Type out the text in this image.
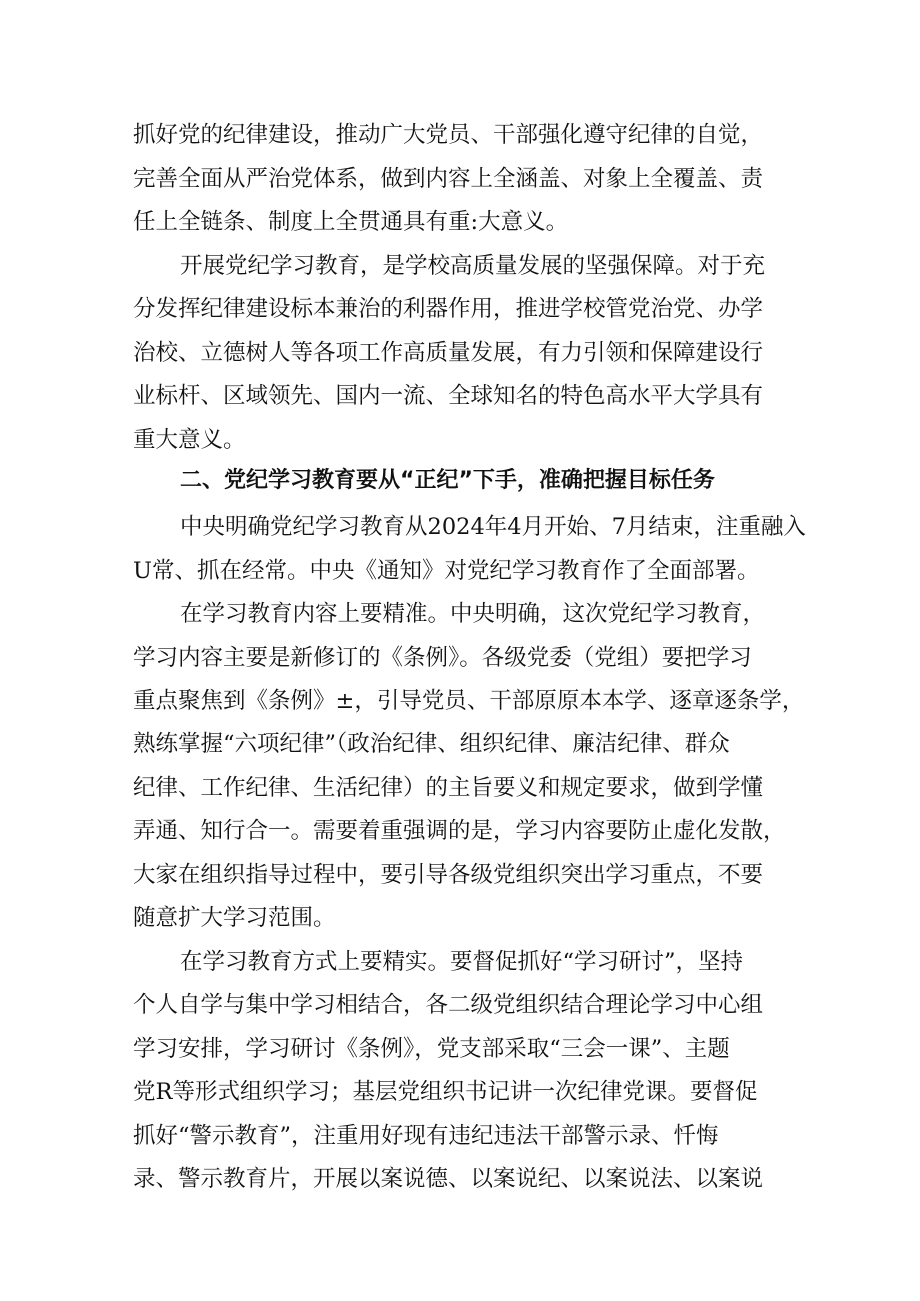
抓好党的纪律建设，推动广大党员、干部强化遵守纪律的自觉，
完善全面从严治党体系，做到内容上全涵盖、对象上全覆盖、责
任上全链条、制度上全贯通具有重:大意义。
开展党纪学习教育，是学校高质量发展的坚强保障。对于充
分发挥纪律建设标本兼治的利器作用，推进学校管党治党、办学
治校、立德树人等各项工作高质量发展，有力引领和保障建设行
业标杆、区域领先、国内一流、全球知名的特色高水平大学具有
重大意义。
二、党纪学习教育要从“正纪”下手，准确把握目标任务
中央明确党纪学习教育从2024年4月开始、7月结束，注重融入
U常、抓在经常。中央《通知》对党纪学习教育作了全面部署。
在学习教育内容上要精准。中央明确，这次党纪学习教育，
学习内容主要是新修订的《条例》。各级党委（党组）要把学习
重点聚焦到《条例》±，引导党员、干部原原本本学、逐章逐条学，
熟练掌握“六项纪律”（政治纪律、组织纪律、廉洁纪律、群众
纪律、工作纪律、生活纪律）的主旨要义和规定要求，做到学懂
弄通、知行合一。需要着重强调的是，学习内容要防止虚化发散，
大家在组织指导过程中，要引导各级党组织突出学习重点，不要
随意扩大学习范围。
在学习教育方式上要精实。要督促抓好“学习研讨”，坚持
个人自学与集中学习相结合，各二级党组织结合理论学习中心组
学习安排，学习研讨《条例》，党支部采取“三会一课”、主题
党R等形式组织学习；基层党组织书记讲一次纪律党课。要督促
抓好“警示教育”，注重用好现有违纪违法干部警示录、忏悔
录、警示教育片，开展以案说德、以案说纪、以案说法、以案说
